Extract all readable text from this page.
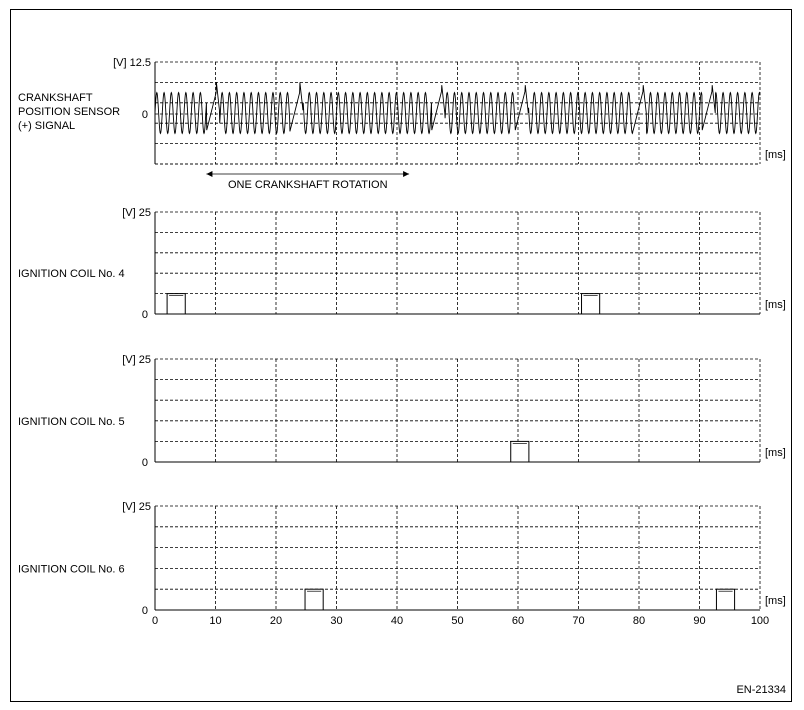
EN-21334
[V] 12.5
0
[ms]
CRANKSHAFT
POSITION SENSOR
(+) SIGNAL
ONE CRANKSHAFT ROTATION
[V] 25
0
[ms]
IGNITION COIL No. 4
[V] 25
0
[ms]
IGNITION COIL No. 5
[V] 25
0
[ms]
IGNITION COIL No. 6
0	10	20	30	40	50	60	70	80	90	100
